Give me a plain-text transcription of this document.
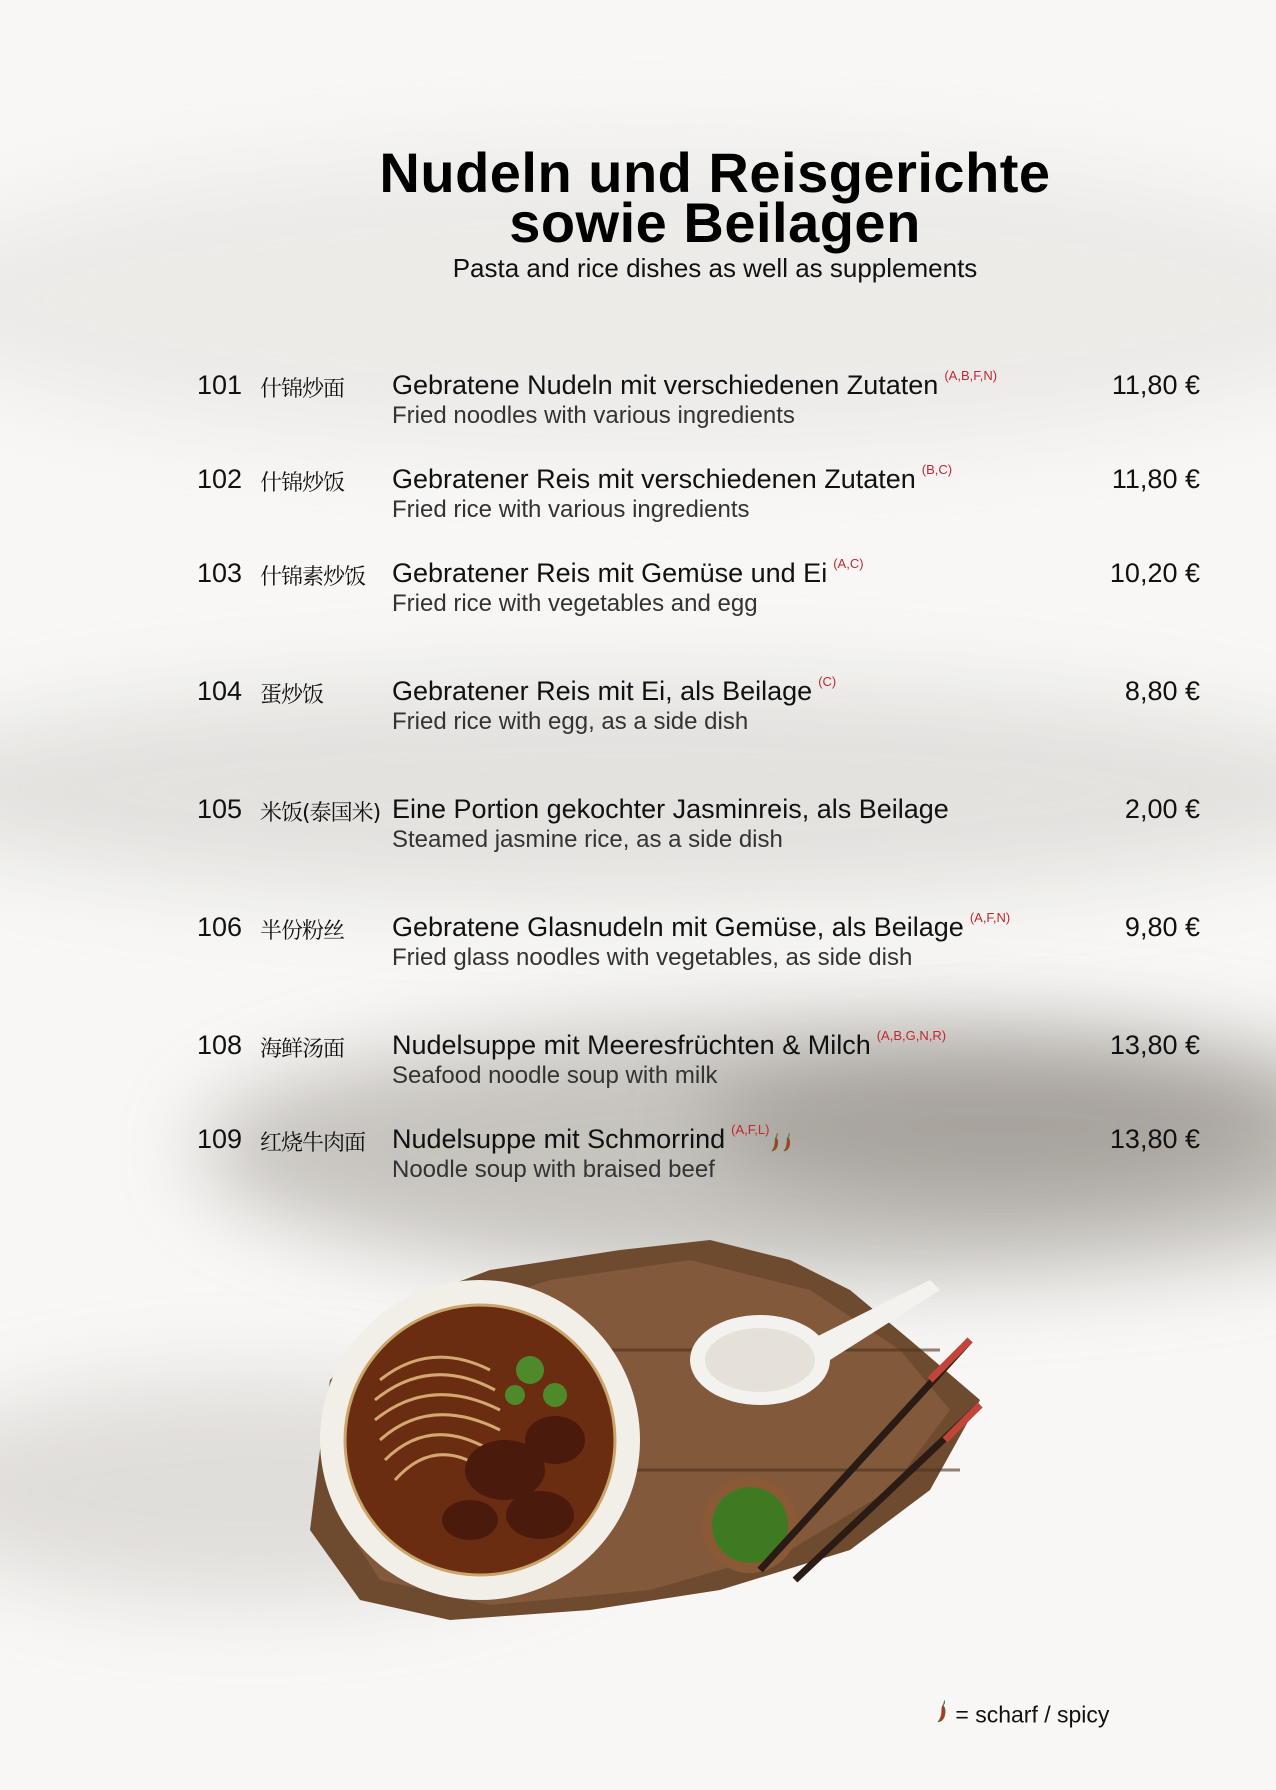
Nudeln und Reisgerichte
sowie Beilagen
Pasta and rice dishes as well as supplements
101 什锦炒面 Gebratene Nudeln mit verschiedenen Zutaten $^{(A,B,F,N)}$
Fried noodles with various ingredients
11,80 €
102 什锦炒饭 Gebratener Reis mit verschiedenen Zutaten $^{(B,C)}$
Fried rice with various ingredients
11,80 €
103 什锦素炒饭 Gebratener Reis mit Gemüse und Ei $^{(A,C)}$
Fried rice with vegetables and egg
10,20 €
104 蛋炒饭	Gebratener Reis mit Ei, als Beilage $^{(C)}$
Fried rice with egg, as a side dish
8,80 €
105 米饭(泰国米) Eine Portion gekochter Jasminreis, als Beilage
Steamed jasmine rice, as a side dish
2,00 €
106 半份粉丝 Gebratene Glasnudeln mit Gemüse, als Beilage $^{(A,F,N)}$
Fried glass noodles with vegetables, as side dish
9,80 €
108 海鲜汤面 Nudelsuppe mit Meeresfrüchten & Milch $^{(A,B,G,N,R)}$
Seafood noodle soup with milk
13,80 €
109 红烧牛肉面 Nudelsuppe mit Schmorrind $^{(A,F,L)}$
Noodle soup with braised beef
13,80 €
= scharf / spicy
